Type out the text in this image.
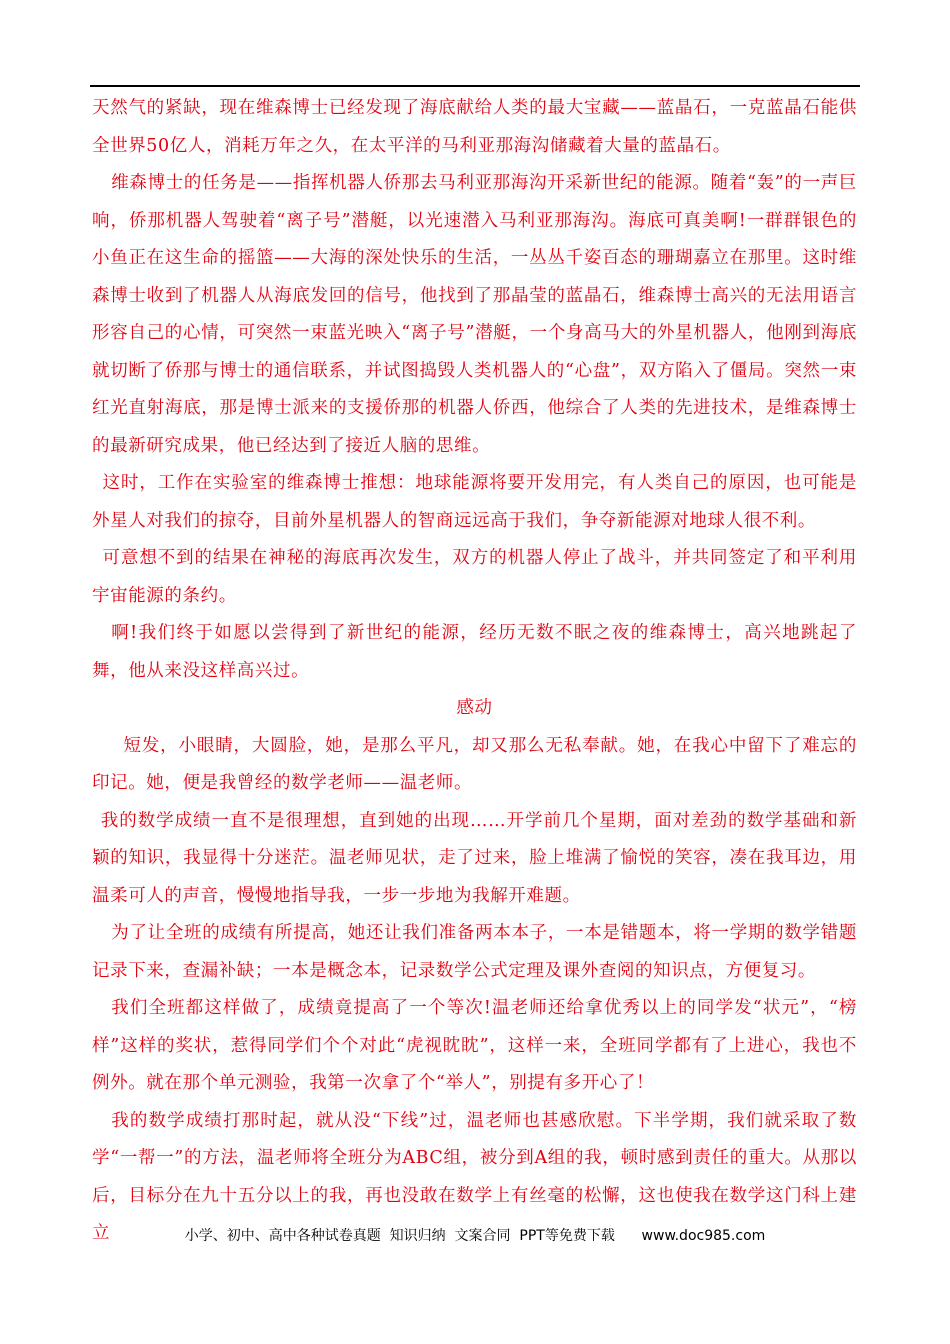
天然气的紧缺，现在维森博士已经发现了海底献给人类的最大宝藏——蓝晶石，一克蓝晶石能供全世界50亿人，消耗万年之久，在太平洋的马利亚那海沟储藏着大量的蓝晶石。

维森博士的任务是——指挥机器人侨那去马利亚那海沟开采新世纪的能源。随着“轰”的一声巨响，侨那机器人驾驶着“离子号”潜艇，以光速潜入马利亚那海沟。海底可真美啊!一群群银色的小鱼正在这生命的摇篮——大海的深处快乐的生活，一丛丛千姿百态的珊瑚嘉立在那里。这时维森博士收到了机器人从海底发回的信号，他找到了那晶莹的蓝晶石，维森博士高兴的无法用语言形容自己的心情，可突然一束蓝光映入“离子号”潜艇，一个身高马大的外星机器人，他刚到海底就切断了侨那与博士的通信联系，并试图捣毁人类机器人的“心盘”，双方陷入了僵局。突然一束红光直射海底，那是博士派来的支援侨那的机器人侨西，他综合了人类的先进技术，是维森博士的最新研究成果，他已经达到了接近人脑的思维。

这时，工作在实验室的维森博士推想：地球能源将要开发用完，有人类自己的原因，也可能是外星人对我们的掠夺，目前外星机器人的智商远远高于我们，争夺新能源对地球人很不利。

可意想不到的结果在神秘的海底再次发生，双方的机器人停止了战斗，并共同签定了和平利用宇宙能源的条约。

啊!我们终于如愿以尝得到了新世纪的能源，经历无数不眠之夜的维森博士，高兴地跳起了舞，他从来没这样高兴过。

感动

短发，小眼睛，大圆脸，她，是那么平凡，却又那么无私奉献。她，在我心中留下了难忘的印记。她，便是我曾经的数学老师——温老师。

我的数学成绩一直不是很理想，直到她的出现……开学前几个星期，面对差劲的数学基础和新颖的知识，我显得十分迷茫。温老师见状，走了过来，脸上堆满了愉悦的笑容，凑在我耳边，用温柔可人的声音，慢慢地指导我，一步一步地为我解开难题。

为了让全班的成绩有所提高，她还让我们准备两本本子，一本是错题本，将一学期的数学错题记录下来，查漏补缺；一本是概念本，记录数学公式定理及课外查阅的知识点，方便复习。

我们全班都这样做了，成绩竟提高了一个等次!温老师还给拿优秀以上的同学发“状元”，“榜样”这样的奖状，惹得同学们个个对此“虎视眈眈”，这样一来，全班同学都有了上进心，我也不例外。就在那个单元测验，我第一次拿了个“举人”，别提有多开心了！

我的数学成绩打那时起，就从没“下线”过，温老师也甚感欣慰。下半学期，我们就采取了数学“一帮一”的方法，温老师将全班分为ABC组，被分到A组的我，顿时感到责任的重大。从那以后，目标分在九十五分以上的我，再也没敢在数学上有丝毫的松懈，这也使我在数学这门科上建立	小学、初中、高中各种试卷真题  知识归纳  文案合同  PPT等免费下载      www.doc985.com
